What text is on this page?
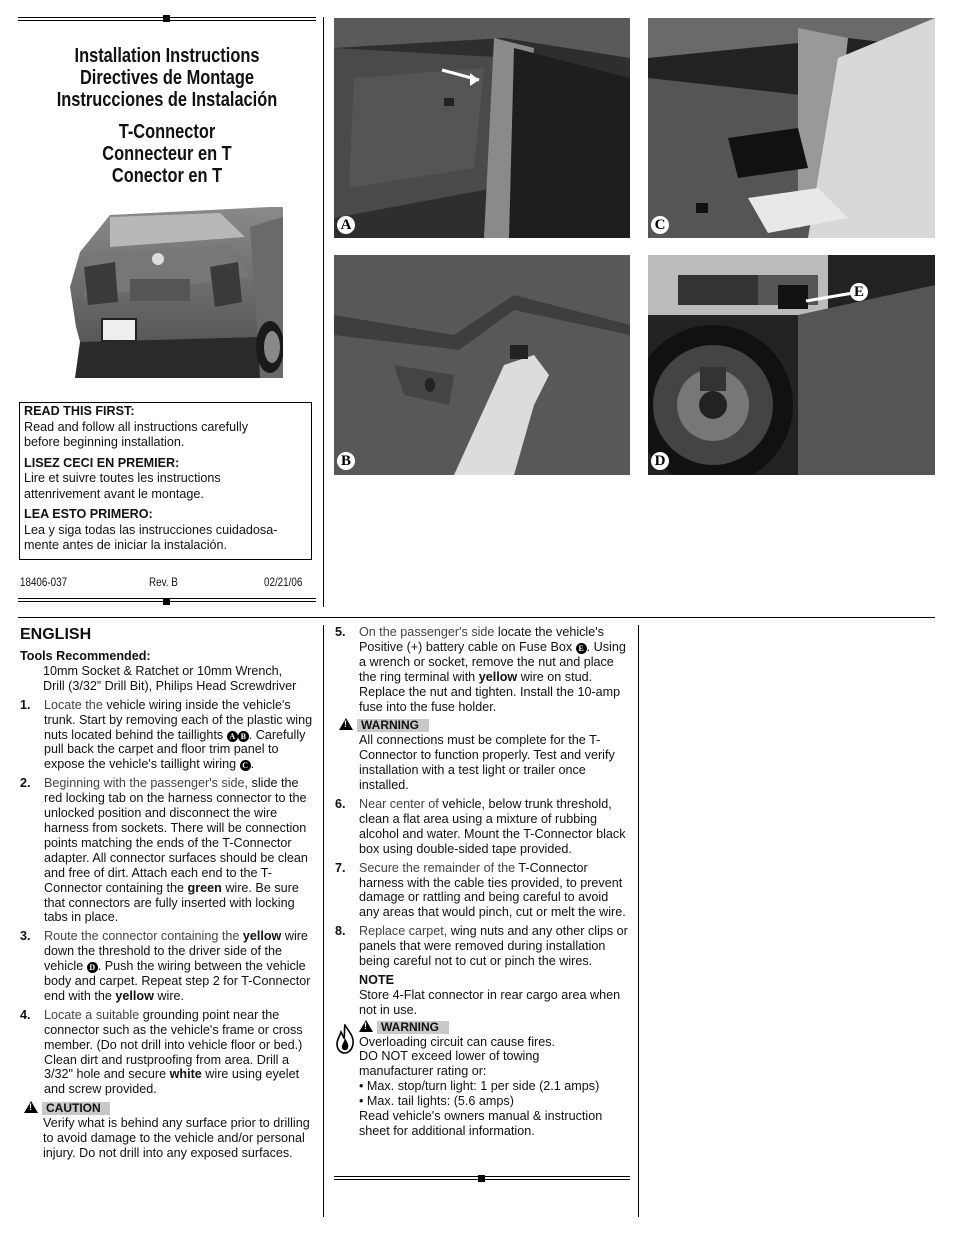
Installation Instructions
Directives de Montage
Instrucciones de Instalación
T-Connector
Connecteur en T
Conector en T
READ THIS FIRST:
Read and follow all instructions carefully
before beginning installation.
LISEZ CECI EN PREMIER:
Lire et suivre toutes les instructions
attenrivement avant le montage.
LEA ESTO PRIMERO:
Lea y siga todas las instrucciones cuidadosa-
mente antes de iniciar la instalación.
18406-037	Rev. B	02/21/06
A	C
B	D
E
ENGLISH
Tools Recommended:
10mm Socket & Ratchet or 10mm Wrench,
Drill (3/32” Drill Bit), Philips Head Screwdriver
1. Locate the vehicle wiring inside the vehicle's trunk. Start by removing each of the plastic wing nuts located behind the taillights A B . Carefully pull back the carpet and floor trim panel to expose the vehicle's taillight wiring C .
2. Beginning with the passenger's side, slide the red locking tab on the harness connector to the unlocked position and disconnect the wire harness from sockets. There will be connection points matching the ends of the T-Connector adapter. All connector surfaces should be clean and free of dirt. Attach each end to the T-Connector containing the green wire. Be sure that connectors are fully inserted with locking tabs in place.
3. Route the connector containing the yellow wire down the threshold to the driver side of the vehicle D . Push the wiring between the vehicle body and carpet. Repeat step 2 for T-Connector end with the yellow wire.
4. Locate a suitable grounding point near the connector such as the vehicle's frame or cross member. (Do not drill into vehicle floor or bed.) Clean dirt and rustproofing from area. Drill a 3/32" hole and secure white wire using eyelet and screw provided.
!CAUTION
Verify what is behind any surface prior to drilling to avoid damage to the vehicle and/or personal injury. Do not drill into any exposed surfaces.
5. On the passenger's side locate the vehicle's Positive (+) battery cable on Fuse Box E . Using a wrench or socket, remove the nut and place the ring terminal with yellow wire on stud. Replace the nut and tighten. Install the 10-amp fuse into the fuse holder.
!WARNING
All connections must be complete for the T-Connector to function properly. Test and verify installation with a test light or trailer once installed.
6. Near center of vehicle, below trunk threshold, clean a flat area using a mixture of rubbing alcohol and water. Mount the T-Connector black box using double-sided tape provided.
7. Secure the remainder of the T-Connector harness with the cable ties provided, to prevent damage or rattling and being careful to avoid any areas that would pinch, cut or melt the wire.
8. Replace carpet, wing nuts and any other clips or panels that were removed during installation being careful not to cut or pinch the wires.
NOTE
Store 4-Flat connector in rear cargo area when not in use.
!WARNING
Overloading circuit can cause fires.
DO NOT exceed lower of towing
manufacturer rating or:
• Max. stop/turn light: 1 per side (2.1 amps)
• Max. tail lights: (5.6 amps)
Read vehicle's owners manual & instruction
sheet for additional information.
